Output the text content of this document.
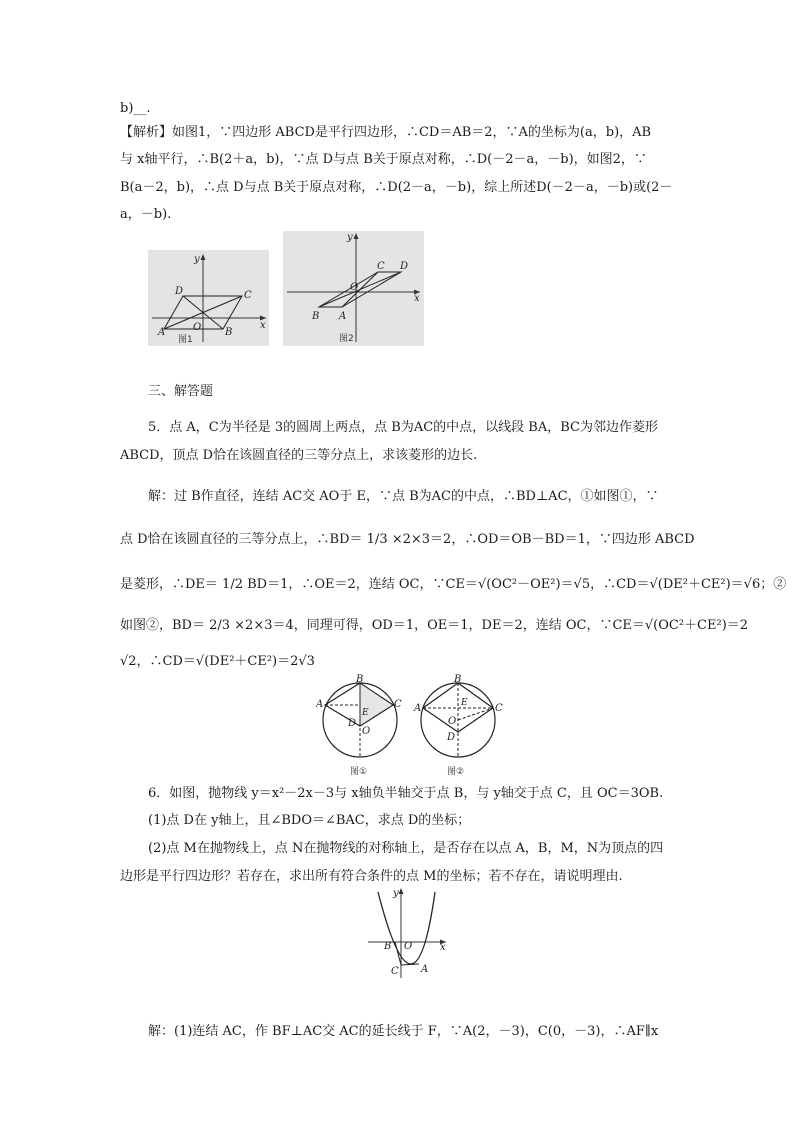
b)__.
【解析】如图1，∵四边形 ABCD是平行四边形，∴CD＝AB＝2，∵A的坐标为(a，b)，AB
与 x轴平行，∴B(2＋a，b)，∵点 D与点 B关于原点对称，∴D(－2－a，－b)，如图2，∵
B(a－2，b)，∴点 D与点 B关于原点对称，∴D(2－a，－b)，综上所述D(－2－a，－b)或(2－
a，－b).
三、解答题
5．点 A，C为半径是 3的圆周上两点，点 B为AC的中点，以线段 BA，BC为邻边作菱形
ABCD，顶点 D恰在该圆直径的三等分点上，求该菱形的边长.
解：过 B作直径，连结 AC交 AO于 E，∵点 B为AC的中点，∴BD⊥AC，①如图①，∵
点 D恰在该圆直径的三等分点上，∴BD＝ 1/3 ×2×3＝2，∴OD＝OB－BD＝1，∵四边形 ABCD
是菱形，∴DE＝ 1/2 BD＝1，∴OE＝2，连结 OC，∵CE＝√(OC²－OE²)＝√5，∴CD＝√(DE²＋CE²)＝√6；②
如图②，BD＝ 2/3 ×2×3＝4，同理可得，OD＝1，OE＝1，DE＝2，连结 OC，∵CE＝√(OC²＋CE²)＝2
√2，∴CD＝√(DE²＋CE²)＝2√3
6．如图，抛物线 y＝x²－2x－3与 x轴负半轴交于点 B，与 y轴交于点 C，且 OC＝3OB.
(1)点 D在 y轴上，且∠BDO＝∠BAC，求点 D的坐标；
(2)点 M在抛物线上，点 N在抛物线的对称轴上，是否存在以点 A，B，M，N为顶点的四
边形是平行四边形？若存在，求出所有符合条件的点 M的坐标；若不存在，请说明理由.
解：(1)连结 AC，作 BF⊥AC交 AC的延长线于 F，∵A(2，－3)，C(0，－3)，∴AF∥x
A	B
C
D
O	x
y
图1
B A
C D
O
x
y
图2
B
A	C
E
D
O
图①
B
A	C
E
O
D
图②
B O	x
y
C A
